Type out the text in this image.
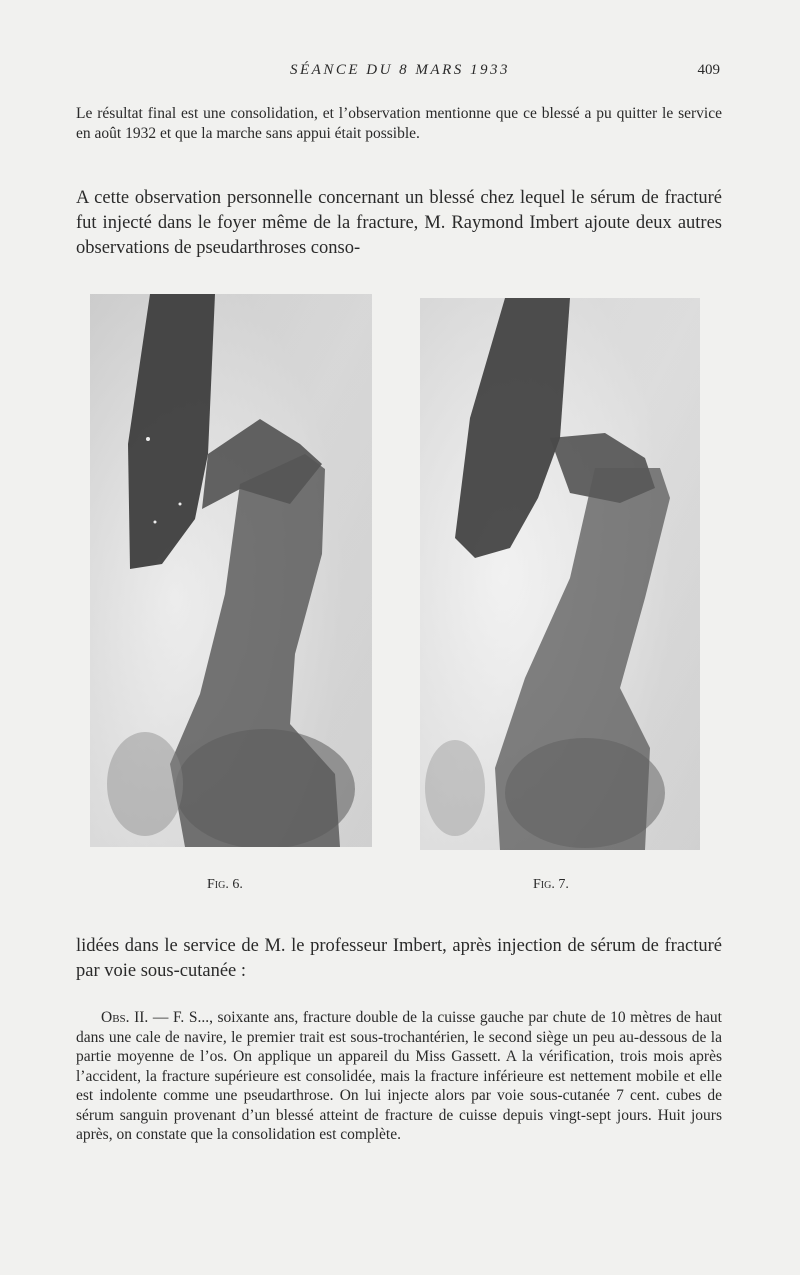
SÉANCE DU 8 MARS 1933	409

Le résultat final est une consolidation, et l’observation mentionne que ce blessé a pu quitter le service en août 1932 et que la marche sans appui était possible.

A cette observation personnelle concernant un blessé chez lequel le sérum de fracturé fut injecté dans le foyer même de la fracture, M. Raymond Imbert ajoute deux autres observations de pseudarthroses conso-

Fig. 6.	Fig. 7.

lidées dans le service de M. le professeur Imbert, après injection de sérum de fracturé par voie sous-cutanée :

Obs. II. — F. S..., soixante ans, fracture double de la cuisse gauche par chute de 10 mètres de haut dans une cale de navire, le premier trait est sous-trochantérien, le second siège un peu au-dessous de la partie moyenne de l’os. On applique un appareil du Miss Gassett. A la vérification, trois mois après l’accident, la fracture supérieure est consolidée, mais la fracture inférieure est nettement mobile et elle est indolente comme une pseudarthrose. On lui injecte alors par voie sous-cutanée 7 cent. cubes de sérum sanguin provenant d’un blessé atteint de fracture de cuisse depuis vingt-sept jours. Huit jours après, on constate que la consolidation est complète.
